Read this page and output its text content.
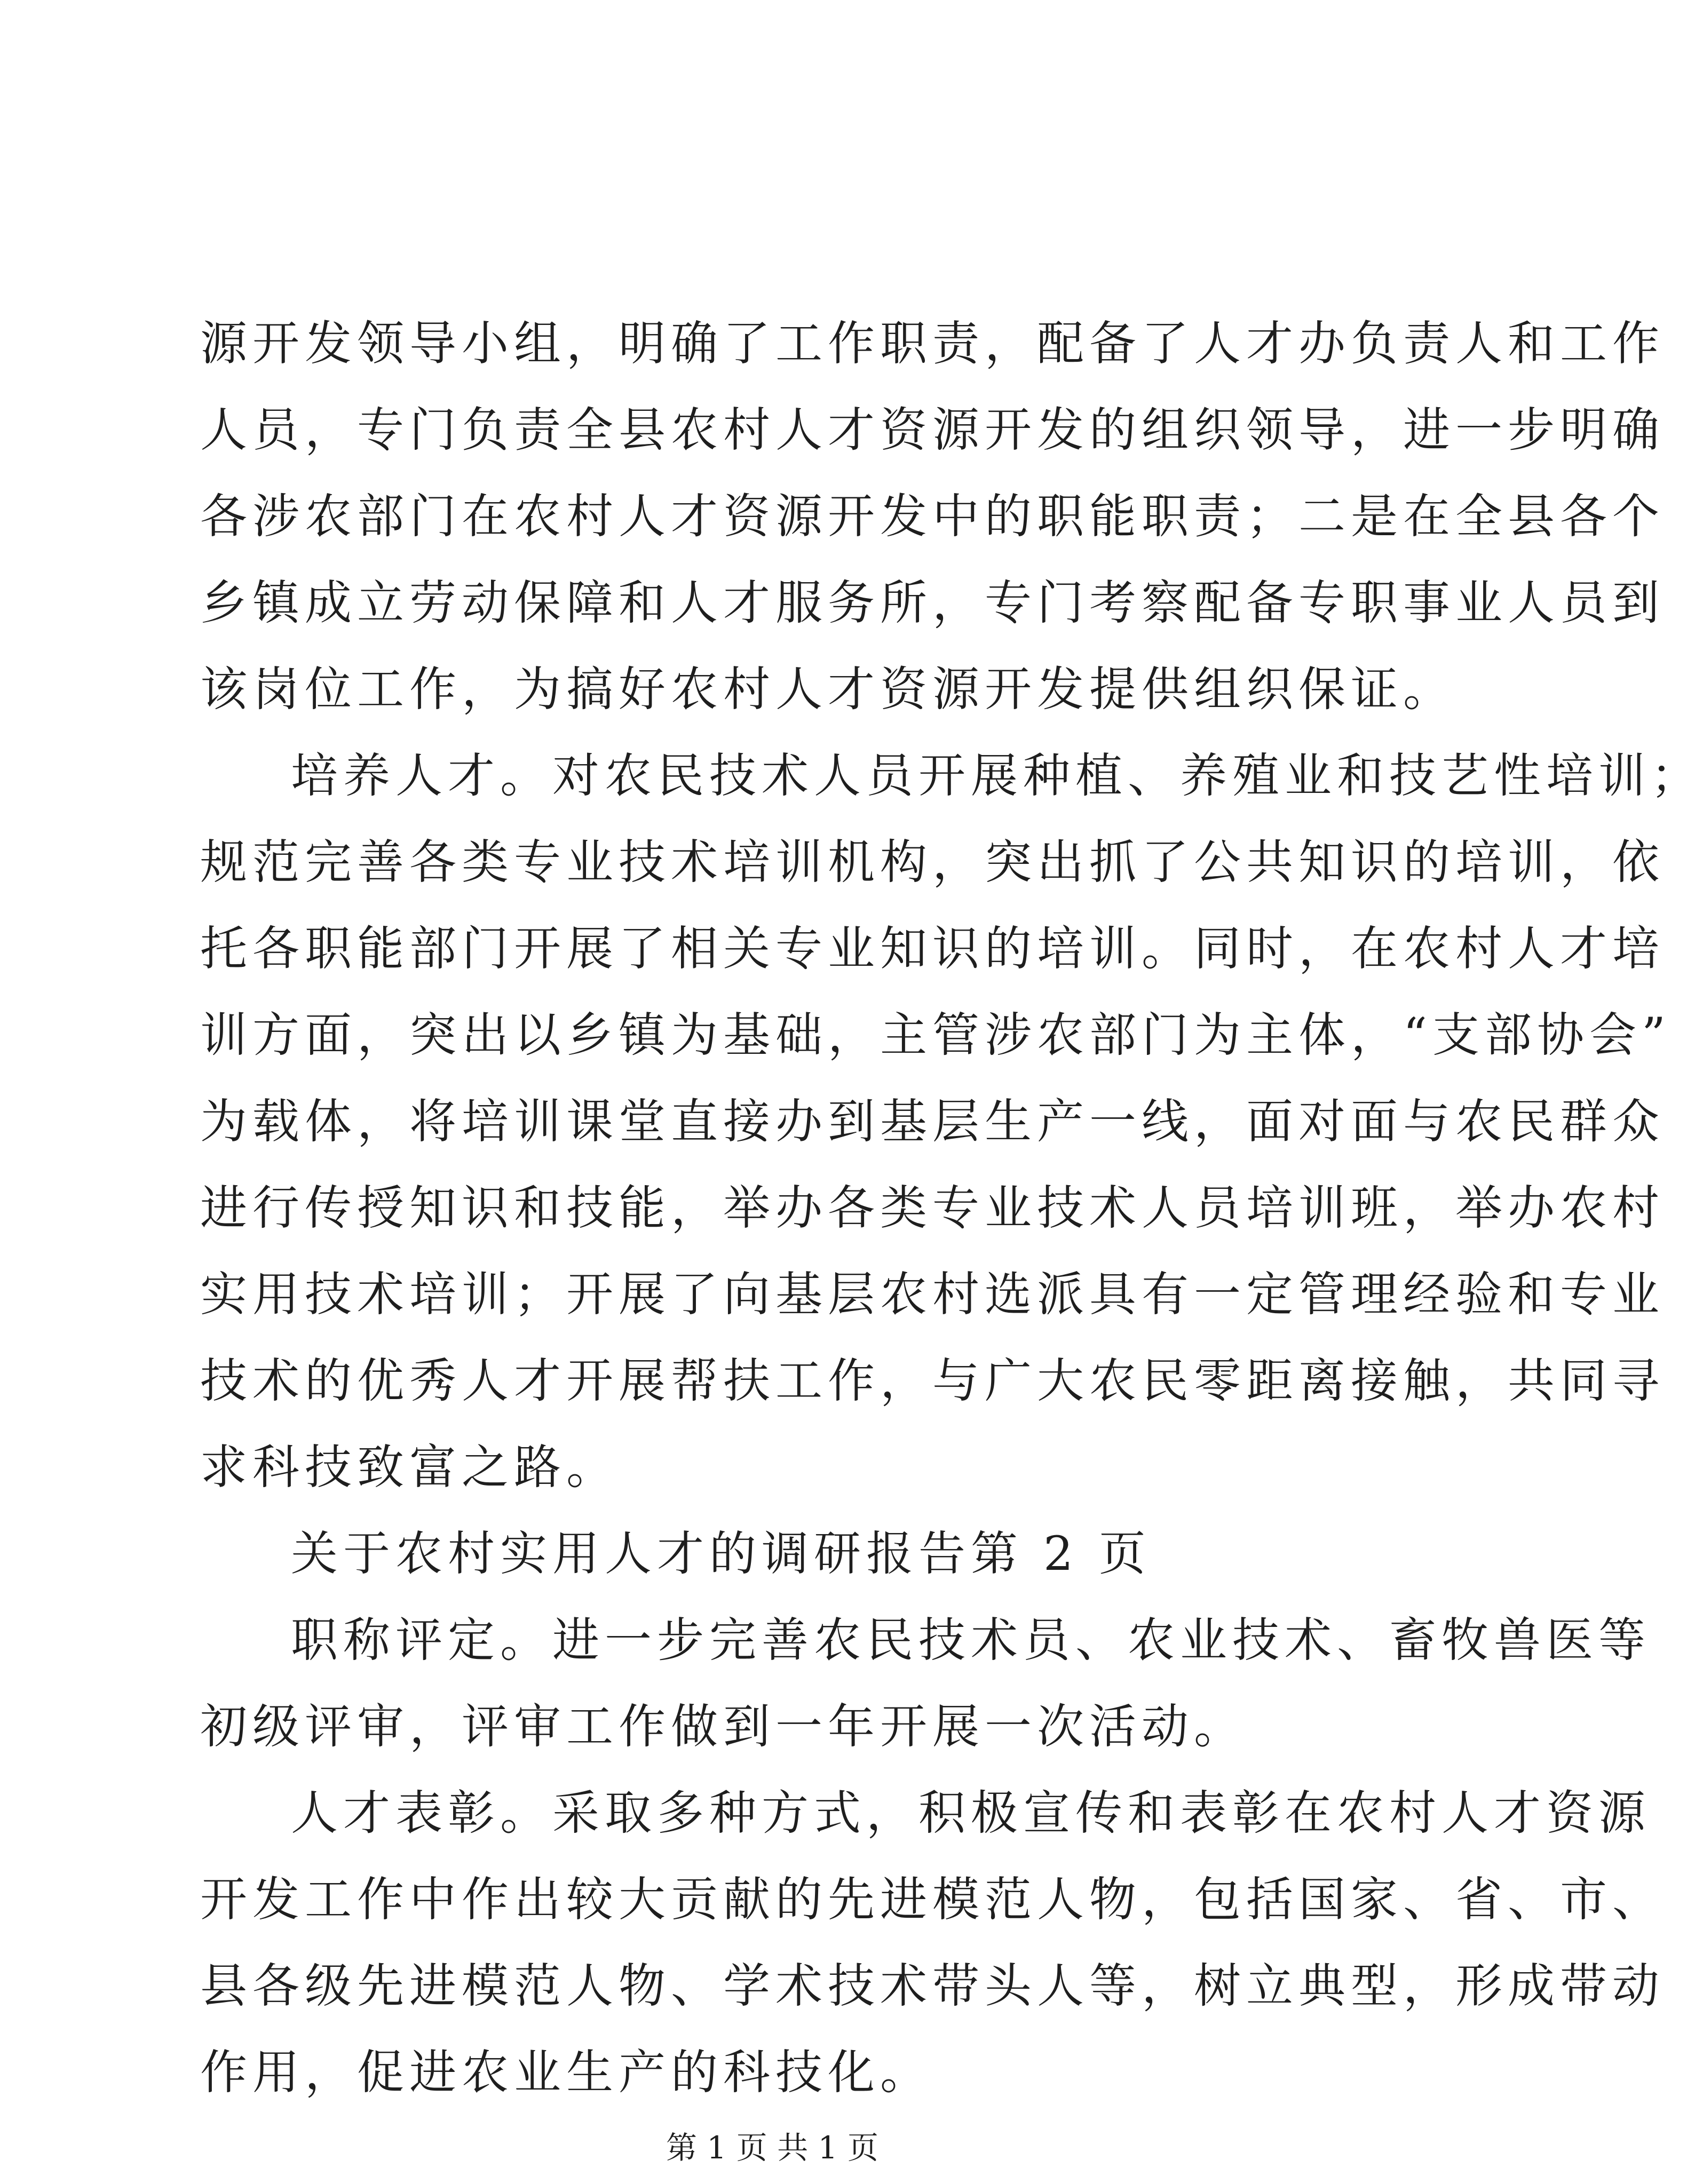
源开发领导小组，明确了工作职责，配备了人才办负责人和工作
人员，专门负责全县农村人才资源开发的组织领导，进一步明确
各涉农部门在农村人才资源开发中的职能职责；二是在全县各个
乡镇成立劳动保障和人才服务所，专门考察配备专职事业人员到
该岗位工作，为搞好农村人才资源开发提供组织保证。
培养人才。对农民技术人员开展种植、养殖业和技艺性培训；
规范完善各类专业技术培训机构，突出抓了公共知识的培训，依
托各职能部门开展了相关专业知识的培训。同时，在农村人才培
训方面，突出以乡镇为基础，主管涉农部门为主体，“支部协会”
为载体，将培训课堂直接办到基层生产一线，面对面与农民群众
进行传授知识和技能，举办各类专业技术人员培训班，举办农村
实用技术培训；开展了向基层农村选派具有一定管理经验和专业
技术的优秀人才开展帮扶工作，与广大农民零距离接触，共同寻
求科技致富之路。
关于农村实用人才的调研报告第 2 页
职称评定。进一步完善农民技术员、农业技术、畜牧兽医等
初级评审，评审工作做到一年开展一次活动。
人才表彰。采取多种方式，积极宣传和表彰在农村人才资源
开发工作中作出较大贡献的先进模范人物，包括国家、省、市、
县各级先进模范人物、学术技术带头人等，树立典型，形成带动
作用，促进农业生产的科技化。
第 1 页 共 1 页
